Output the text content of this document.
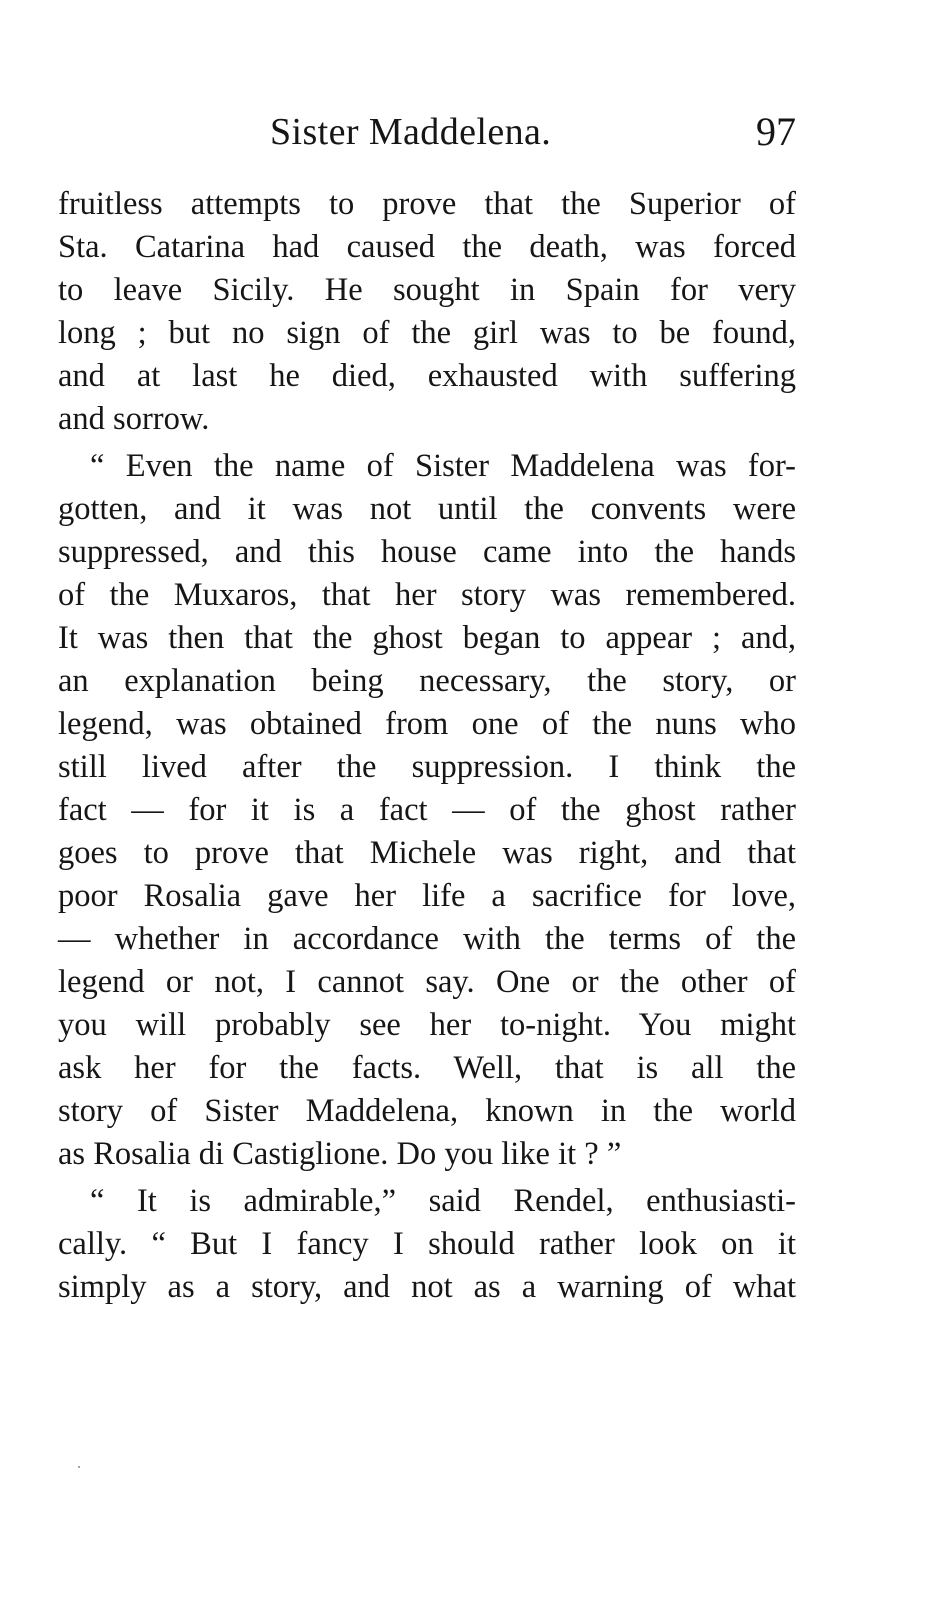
Sister Maddelena.	97
fruitless attempts to prove that the Superior of
Sta. Catarina had caused the death, was forced
to leave Sicily. He sought in Spain for very
long ; but no sign of the girl was to be found,
and at last he died, exhausted with suffering
and sorrow.
“ Even the name of Sister Maddelena was for-
gotten, and it was not until the convents were
suppressed, and this house came into the hands
of the Muxaros, that her story was remembered.
It was then that the ghost began to appear ; and,
an explanation being necessary, the story, or
legend, was obtained from one of the nuns who
still lived after the suppression. I think the
fact — for it is a fact — of the ghost rather
goes to prove that Michele was right, and that
poor Rosalia gave her life a sacrifice for love,
— whether in accordance with the terms of the
legend or not, I cannot say. One or the other of
you will probably see her to-night. You might
ask her for the facts. Well, that is all the
story of Sister Maddelena, known in the world
as Rosalia di Castiglione. Do you like it ? ”
“ It is admirable,” said Rendel, enthusiasti-
cally. “ But I fancy I should rather look on it
simply as a story, and not as a warning of what
